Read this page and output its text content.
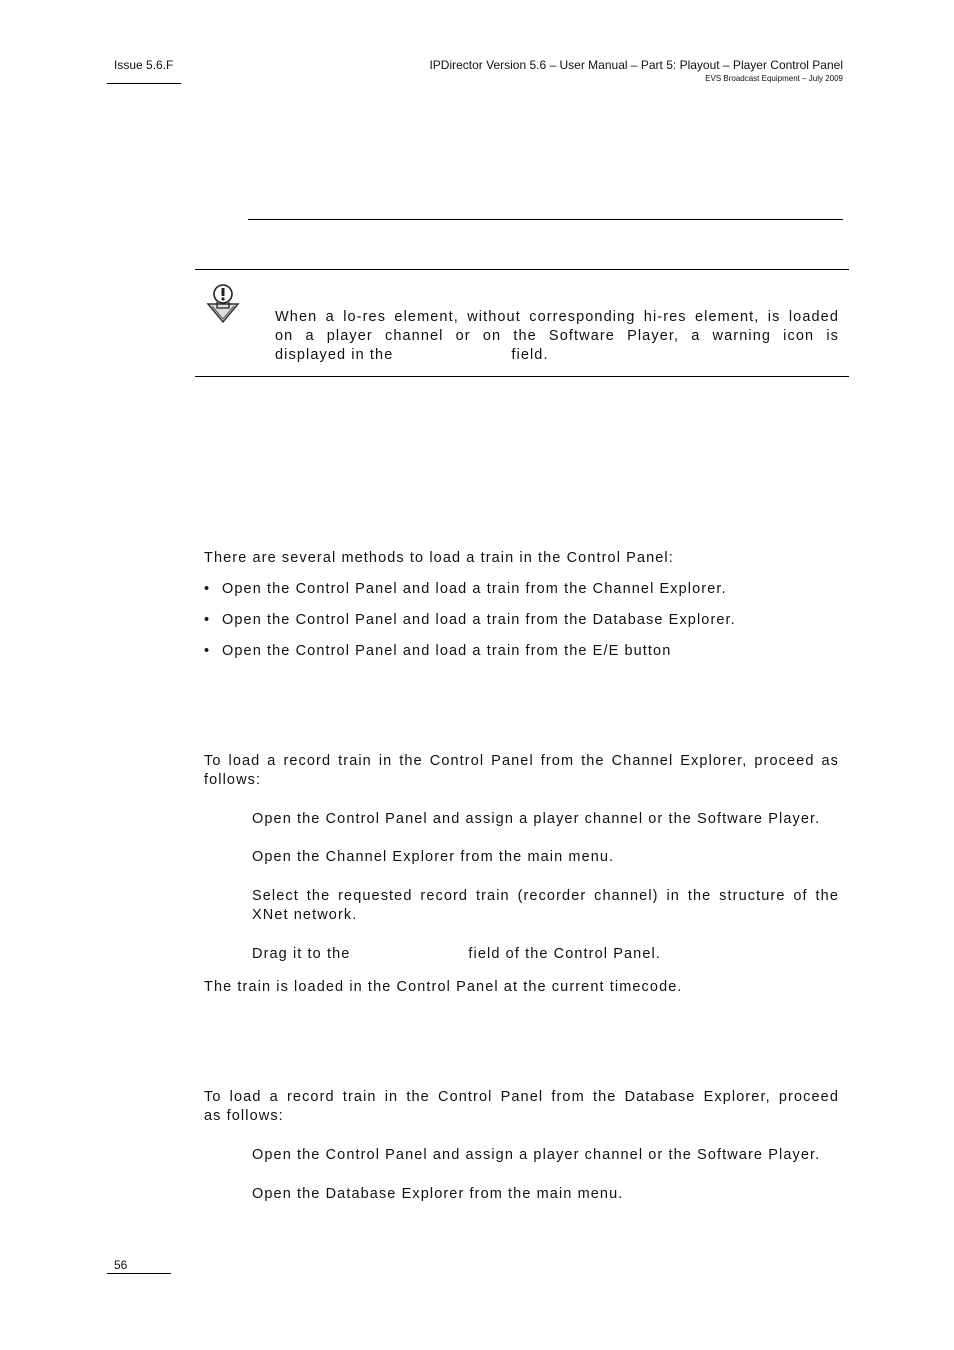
Issue 5.6.F	IPDirector Version 5.6 – User Manual – Part 5: Playout – Player Control Panel
EVS Broadcast Equipment – July 2009
When a lo-res element, without corresponding hi-res element, is loaded
on a player channel or on the Software Player, a warning icon is
displayed in the	field.
There are several methods to load a train in the Control Panel:
• Open the Control Panel and load a train from the Channel Explorer.
• Open the Control Panel and load a train from the Database Explorer.
• Open the Control Panel and load a train from the E/E button
To load a record train in the Control Panel from the Channel Explorer, proceed as
follows:
Open the Control Panel and assign a player channel or the Software Player.
Open the Channel Explorer from the main menu.
Select the requested record train (recorder channel) in the structure of the
XNet network.
Drag it to the	field of the Control Panel.
The train is loaded in the Control Panel at the current timecode.
To load a record train in the Control Panel from the Database Explorer, proceed
as follows:
Open the Control Panel and assign a player channel or the Software Player.
Open the Database Explorer from the main menu.
56
